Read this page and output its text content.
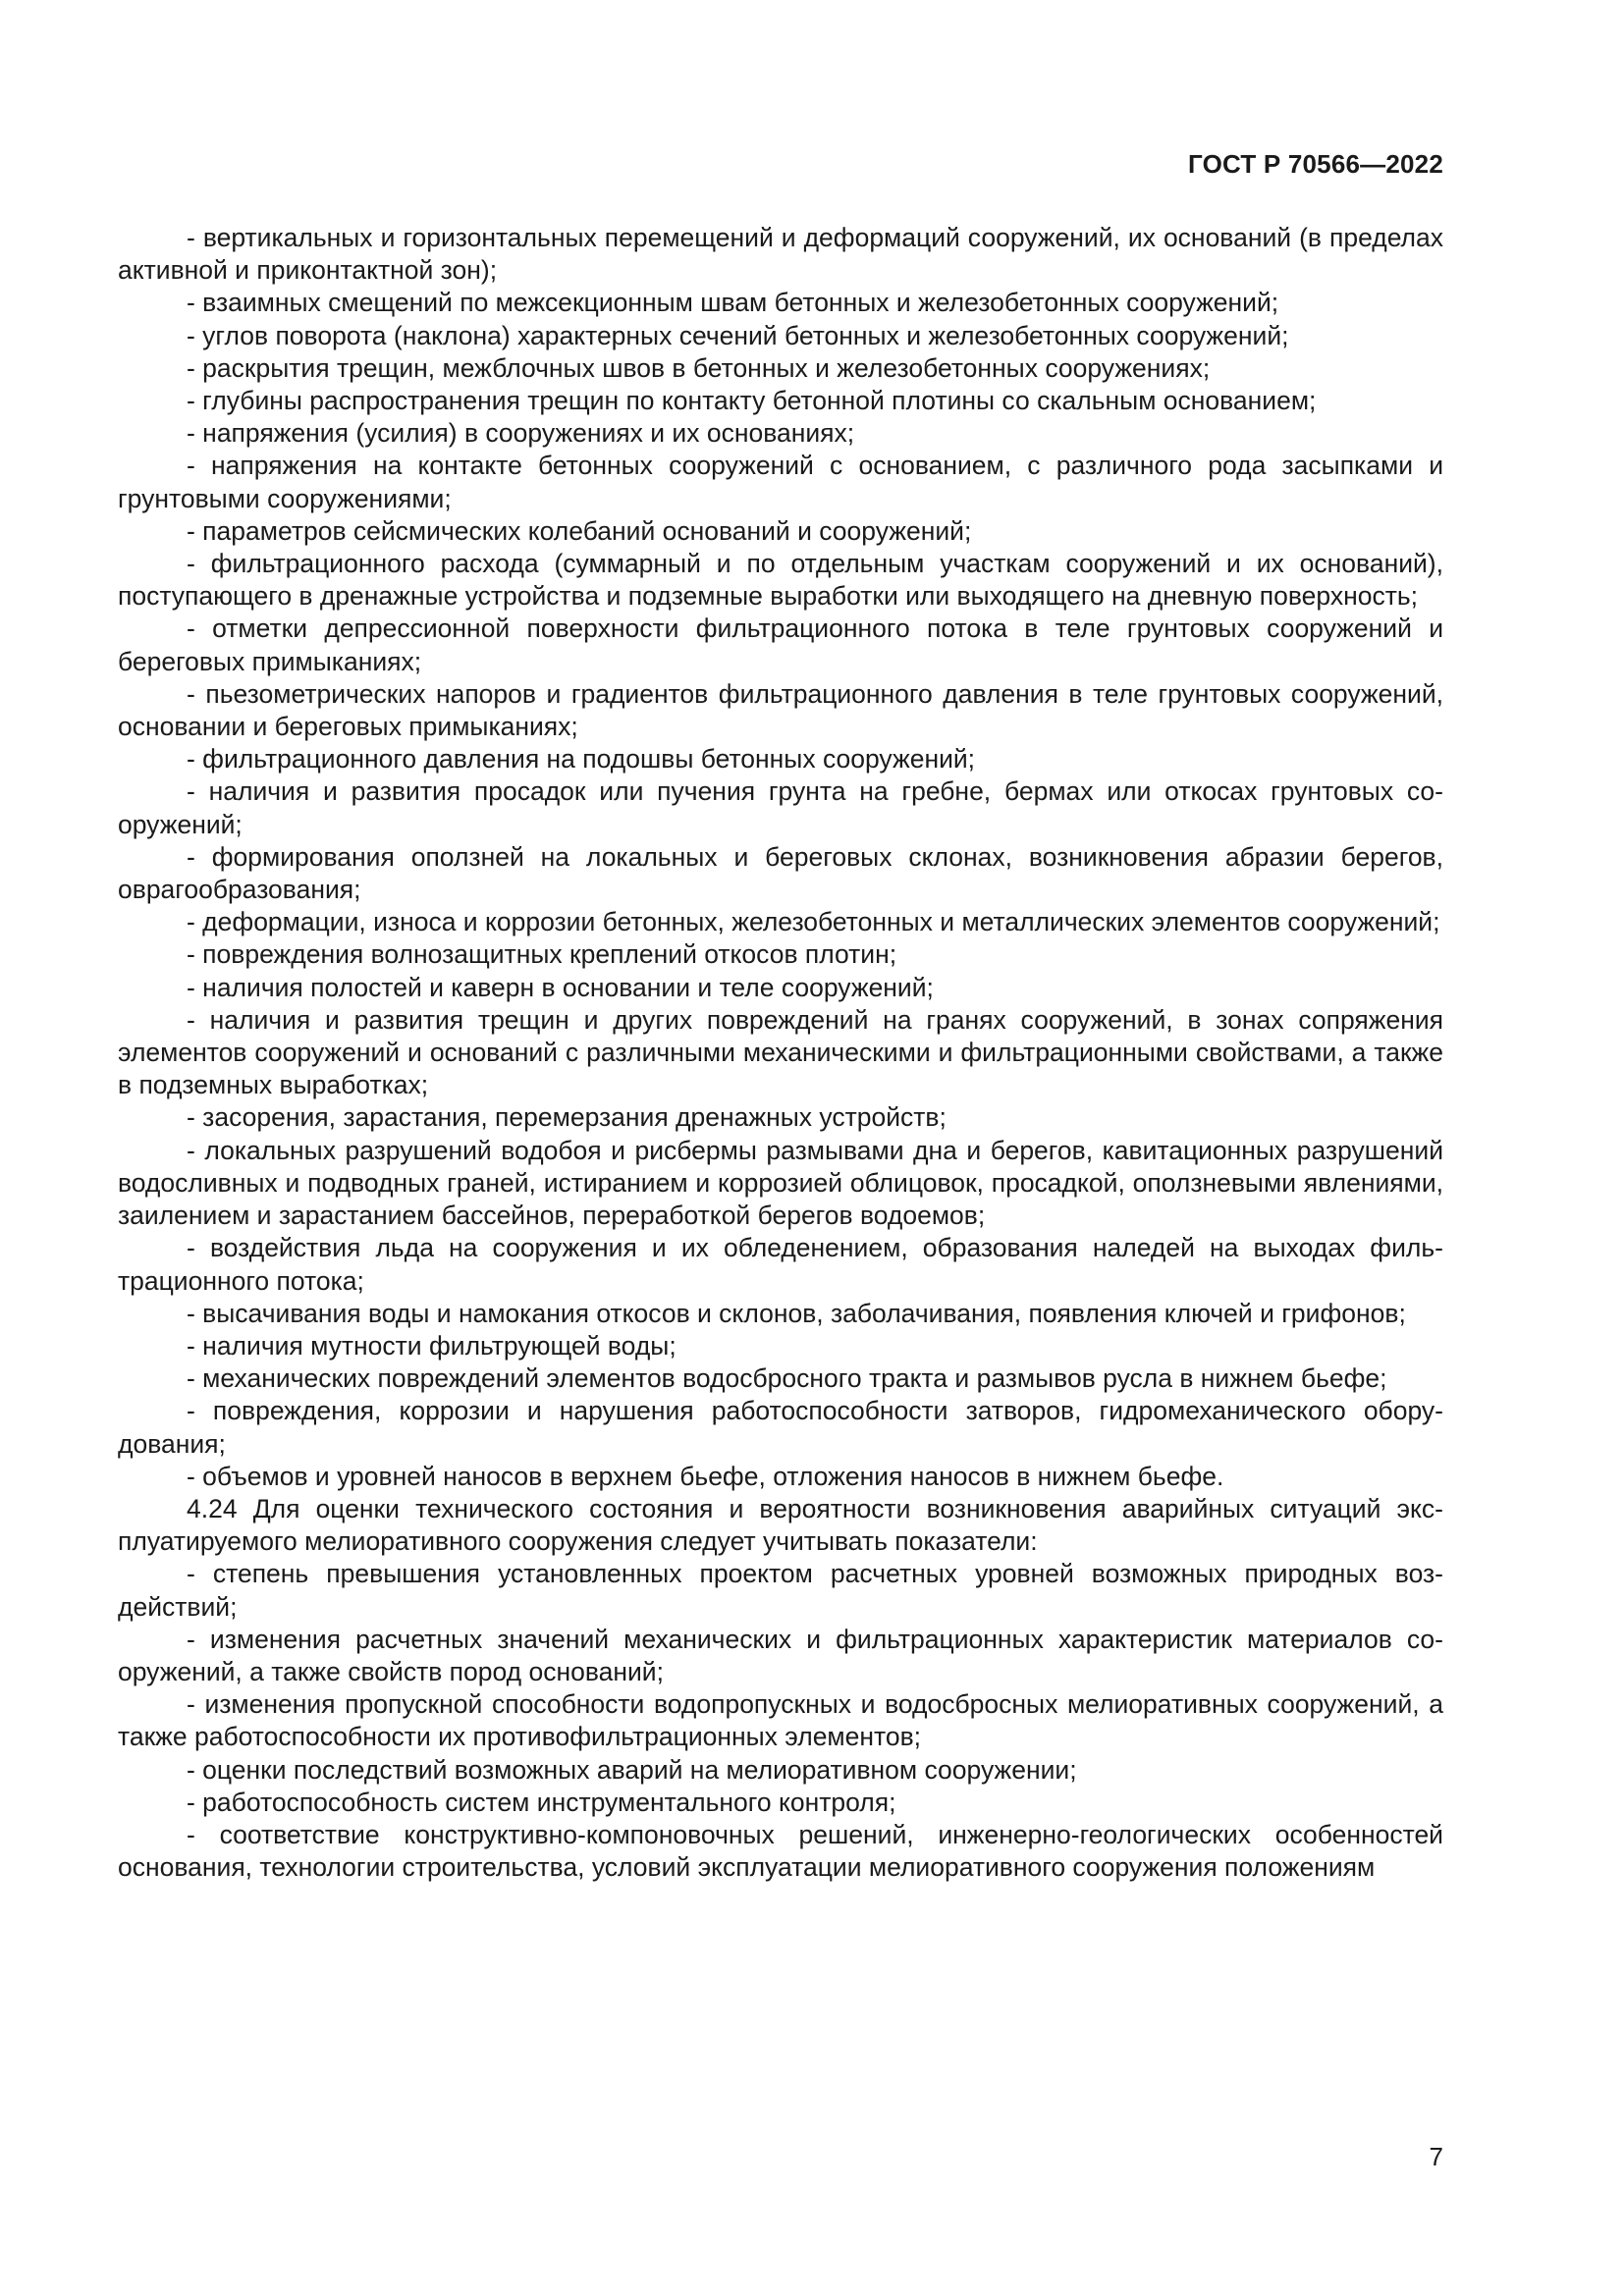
ГОСТ Р 70566—2022

- вертикальных и горизонтальных перемещений и деформаций сооружений, их оснований (в пределах активной и приконтактной зон);

- взаимных смещений по межсекционным швам бетонных и железобетонных сооружений;

- углов поворота (наклона) характерных сечений бетонных и железобетонных сооружений;

- раскрытия трещин, межблочных швов в бетонных и железобетонных сооружениях;

- глубины распространения трещин по контакту бетонной плотины со скальным основанием;

- напряжения (усилия) в сооружениях и их основаниях;

- напряжения на контакте бетонных сооружений с основанием, с различного рода засыпками и грунтовыми сооружениями;

- параметров сейсмических колебаний оснований и сооружений;

- фильтрационного расхода (суммарный и по отдельным участкам сооружений и их оснований), поступающего в дренажные устройства и подземные выработки или выходящего на дневную поверхность;

- отметки депрессионной поверхности фильтрационного потока в теле грунтовых сооружений и береговых примыканиях;

- пьезометрических напоров и градиентов фильтрационного давления в теле грунтовых сооружений, основании и береговых примыканиях;

- фильтрационного давления на подошвы бетонных сооружений;

- наличия и развития просадок или пучения грунта на гребне, бермах или откосах грунтовых сооружений;

- формирования оползней на локальных и береговых склонах, возникновения абразии берегов, оврагообразования;

- деформации, износа и коррозии бетонных, железобетонных и металлических элементов сооружений;

- повреждения волнозащитных креплений откосов плотин;

- наличия полостей и каверн в основании и теле сооружений;

- наличия и развития трещин и других повреждений на гранях сооружений, в зонах сопряжения элементов сооружений и оснований с различными механическими и фильтрационными свойствами, а также в подземных выработках;

- засорения, зарастания, перемерзания дренажных устройств;

- локальных разрушений водобоя и рисбермы размывами дна и берегов, кавитационных разрушений водосливных и подводных граней, истиранием и коррозией облицовок, просадкой, оползневыми явлениями, заилением и зарастанием бассейнов, переработкой берегов водоемов;

- воздействия льда на сооружения и их обледенением, образования наледей на выходах фильтрационного потока;

- высачивания воды и намокания откосов и склонов, заболачивания, появления ключей и грифонов;

- наличия мутности фильтрующей воды;

- механических повреждений элементов водосбросного тракта и размывов русла в нижнем бьефе;

- повреждения, коррозии и нарушения работоспособности затворов, гидромеханического оборудования;

- объемов и уровней наносов в верхнем бьефе, отложения наносов в нижнем бьефе.

4.24 Для оценки технического состояния и вероятности возникновения аварийных ситуаций эксплуатируемого мелиоративного сооружения следует учитывать показатели:

- степень превышения установленных проектом расчетных уровней возможных природных воздействий;

- изменения расчетных значений механических и фильтрационных характеристик материалов сооружений, а также свойств пород оснований;

- изменения пропускной способности водопропускных и водосбросных мелиоративных сооружений, а также работоспособности их противофильтрационных элементов;

- оценки последствий возможных аварий на мелиоративном сооружении;

- работоспособность систем инструментального контроля;

- соответствие конструктивно-компоновочных решений, инженерно-геологических особенностей основания, технологии строительства, условий эксплуатации мелиоративного сооружения положениям

7
